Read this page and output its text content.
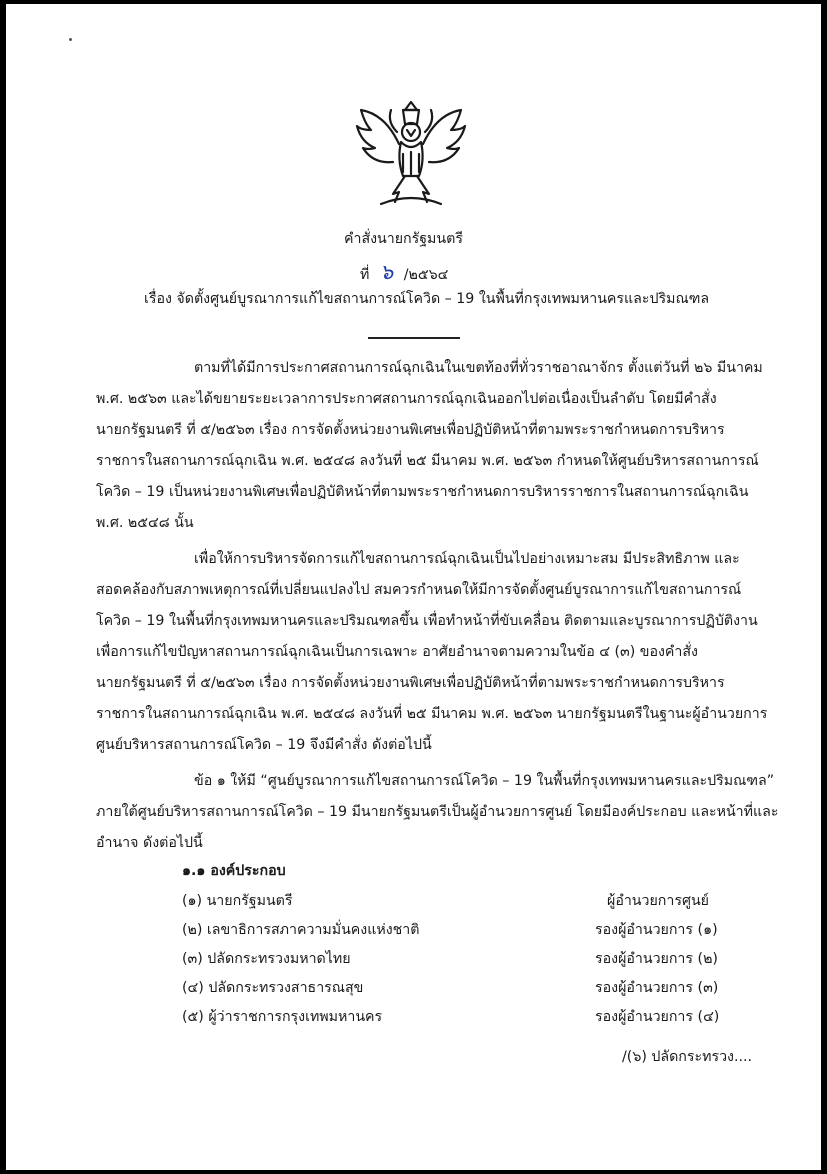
คำสั่งนายกรัฐมนตรี
ที่ ๖ /๒๕๖๔
เรื่อง จัดตั้งศูนย์บูรณาการแก้ไขสถานการณ์โควิด – 19 ในพื้นที่กรุงเทพมหานครและปริมณฑล
ตามที่ได้มีการประกาศสถานการณ์ฉุกเฉินในเขตท้องที่ทั่วราชอาณาจักร ตั้งแต่วันที่ ๒๖ มีนาคม
พ.ศ. ๒๕๖๓ และได้ขยายระยะเวลาการประกาศสถานการณ์ฉุกเฉินออกไปต่อเนื่องเป็นลำดับ โดยมีคำสั่ง
นายกรัฐมนตรี ที่ ๕/๒๕๖๓ เรื่อง การจัดตั้งหน่วยงานพิเศษเพื่อปฏิบัติหน้าที่ตามพระราชกำหนดการบริหาร
ราชการในสถานการณ์ฉุกเฉิน พ.ศ. ๒๕๔๘ ลงวันที่ ๒๕ มีนาคม พ.ศ. ๒๕๖๓ กำหนดให้ศูนย์บริหารสถานการณ์
โควิด – 19 เป็นหน่วยงานพิเศษเพื่อปฏิบัติหน้าที่ตามพระราชกำหนดการบริหารราชการในสถานการณ์ฉุกเฉิน
พ.ศ. ๒๕๔๘ นั้น
เพื่อให้การบริหารจัดการแก้ไขสถานการณ์ฉุกเฉินเป็นไปอย่างเหมาะสม มีประสิทธิภาพ และ
สอดคล้องกับสภาพเหตุการณ์ที่เปลี่ยนแปลงไป สมควรกำหนดให้มีการจัดตั้งศูนย์บูรณาการแก้ไขสถานการณ์
โควิด – 19 ในพื้นที่กรุงเทพมหานครและปริมณฑลขึ้น เพื่อทำหน้าที่ขับเคลื่อน ติดตามและบูรณาการปฏิบัติงาน
เพื่อการแก้ไขปัญหาสถานการณ์ฉุกเฉินเป็นการเฉพาะ อาศัยอำนาจตามความในข้อ ๔ (๓) ของคำสั่ง
นายกรัฐมนตรี ที่ ๕/๒๕๖๓ เรื่อง การจัดตั้งหน่วยงานพิเศษเพื่อปฏิบัติหน้าที่ตามพระราชกำหนดการบริหาร
ราชการในสถานการณ์ฉุกเฉิน พ.ศ. ๒๕๔๘ ลงวันที่ ๒๕ มีนาคม พ.ศ. ๒๕๖๓ นายกรัฐมนตรีในฐานะผู้อำนวยการ
ศูนย์บริหารสถานการณ์โควิด – 19 จึงมีคำสั่ง ดังต่อไปนี้
ข้อ ๑ ให้มี “ศูนย์บูรณาการแก้ไขสถานการณ์โควิด – 19 ในพื้นที่กรุงเทพมหานครและปริมณฑล”
ภายใต้ศูนย์บริหารสถานการณ์โควิด – 19 มีนายกรัฐมนตรีเป็นผู้อำนวยการศูนย์ โดยมีองค์ประกอบ และหน้าที่และ
อำนาจ ดังต่อไปนี้
๑.๑ องค์ประกอบ
(๑) นายกรัฐมนตรี	ผู้อำนวยการศูนย์
(๒) เลขาธิการสภาความมั่นคงแห่งชาติ	รองผู้อำนวยการ (๑)
(๓) ปลัดกระทรวงมหาดไทย	รองผู้อำนวยการ (๒)
(๔) ปลัดกระทรวงสาธารณสุข	รองผู้อำนวยการ (๓)
(๕) ผู้ว่าราชการกรุงเทพมหานคร	รองผู้อำนวยการ (๔)
/(๖) ปลัดกระทรวง....
